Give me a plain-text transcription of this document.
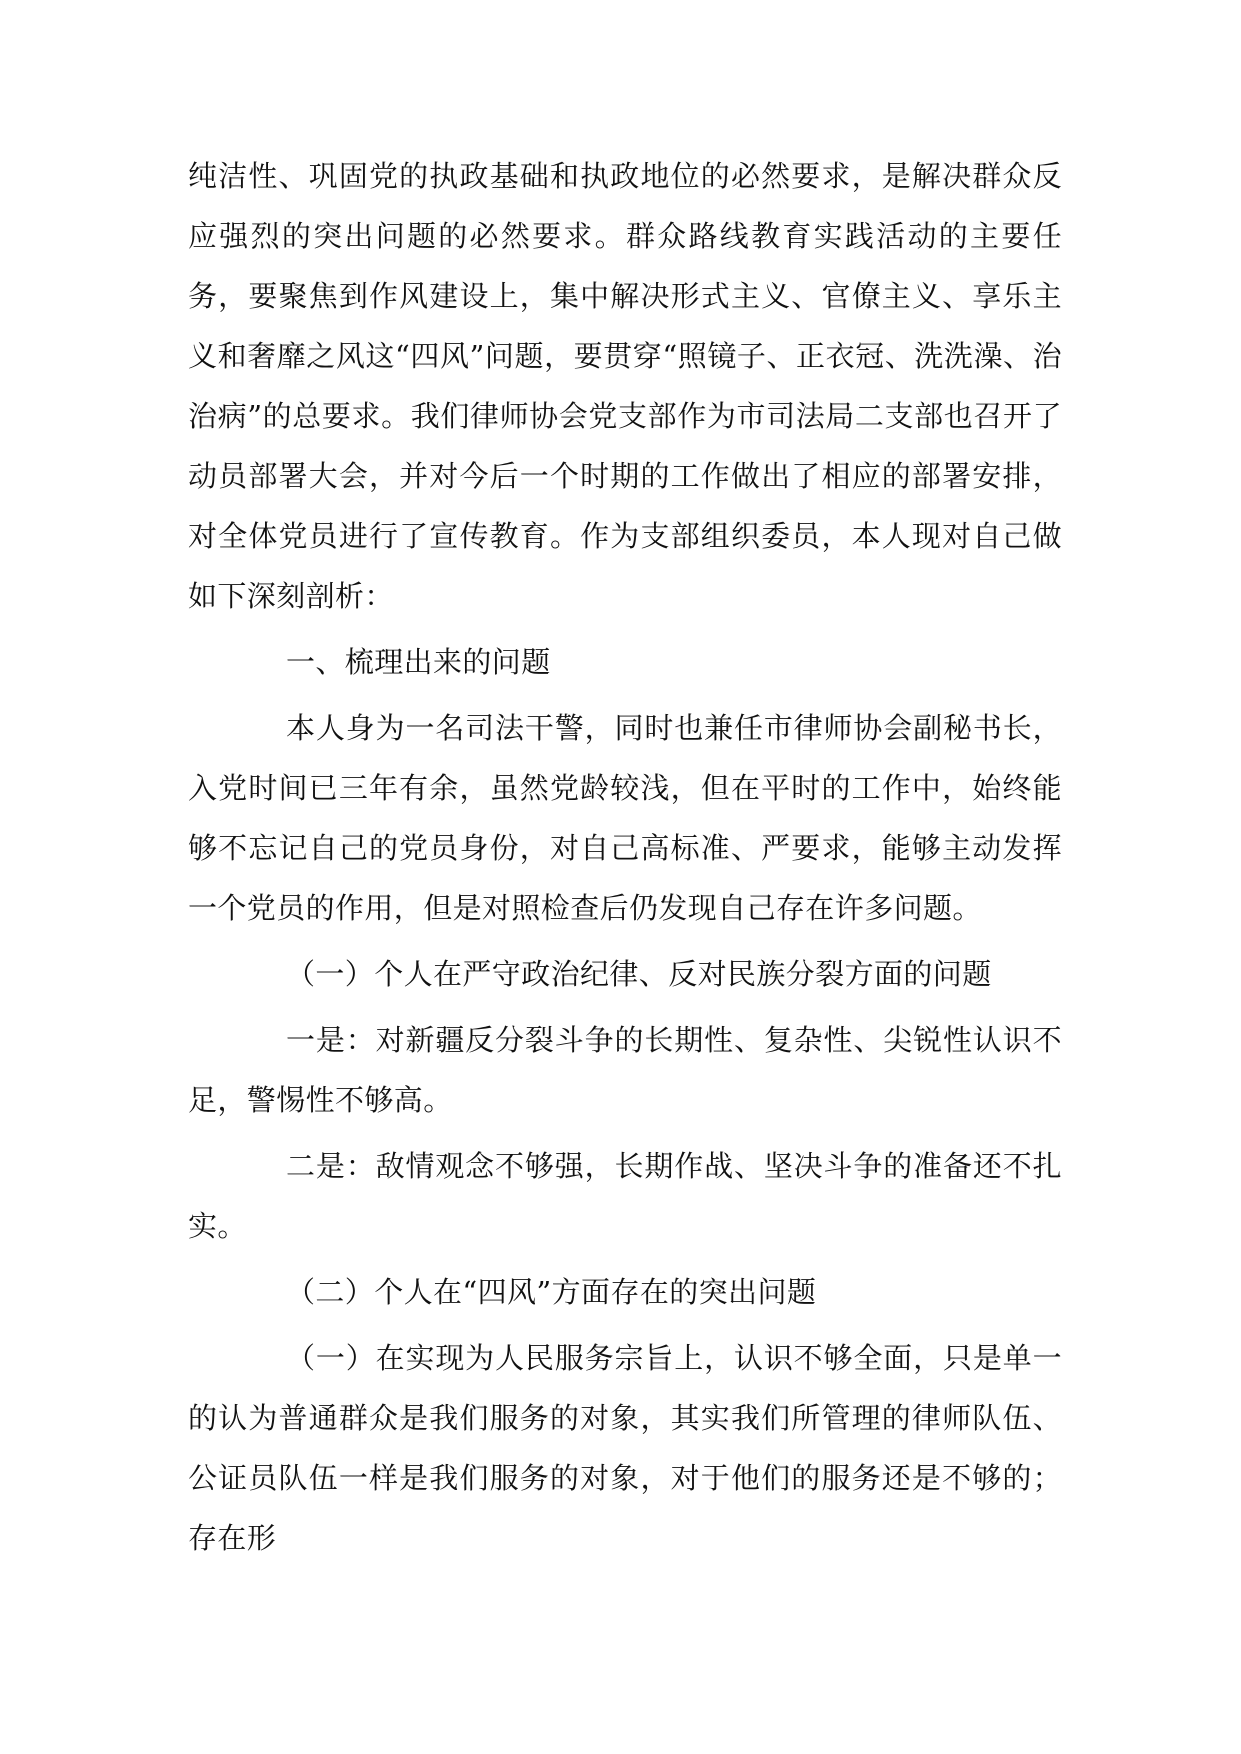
纯洁性、巩固党的执政基础和执政地位的必然要求，是解决群众反应强烈的突出问题的必然要求。群众路线教育实践活动的主要任务，要聚焦到作风建设上，集中解决形式主义、官僚主义、享乐主义和奢靡之风这“四风”问题，要贯穿“照镜子、正衣冠、洗洗澡、治治病”的总要求。我们律师协会党支部作为市司法局二支部也召开了动员部署大会，并对今后一个时期的工作做出了相应的部署安排，对全体党员进行了宣传教育。作为支部组织委员，本人现对自己做如下深刻剖析：

一、梳理出来的问题

本人身为一名司法干警，同时也兼任市律师协会副秘书长，入党时间已三年有余，虽然党龄较浅，但在平时的工作中，始终能够不忘记自己的党员身份，对自己高标准、严要求，能够主动发挥一个党员的作用，但是对照检查后仍发现自己存在许多问题。

（一）个人在严守政治纪律、反对民族分裂方面的问题

一是：对新疆反分裂斗争的长期性、复杂性、尖锐性认识不足，警惕性不够高。

二是：敌情观念不够强，长期作战、坚决斗争的准备还不扎实。

（二）个人在“四风”方面存在的突出问题

（一）在实现为人民服务宗旨上，认识不够全面，只是单一的认为普通群众是我们服务的对象，其实我们所管理的律师队伍、公证员队伍一样是我们服务的对象，对于他们的服务还是不够的；存在形
